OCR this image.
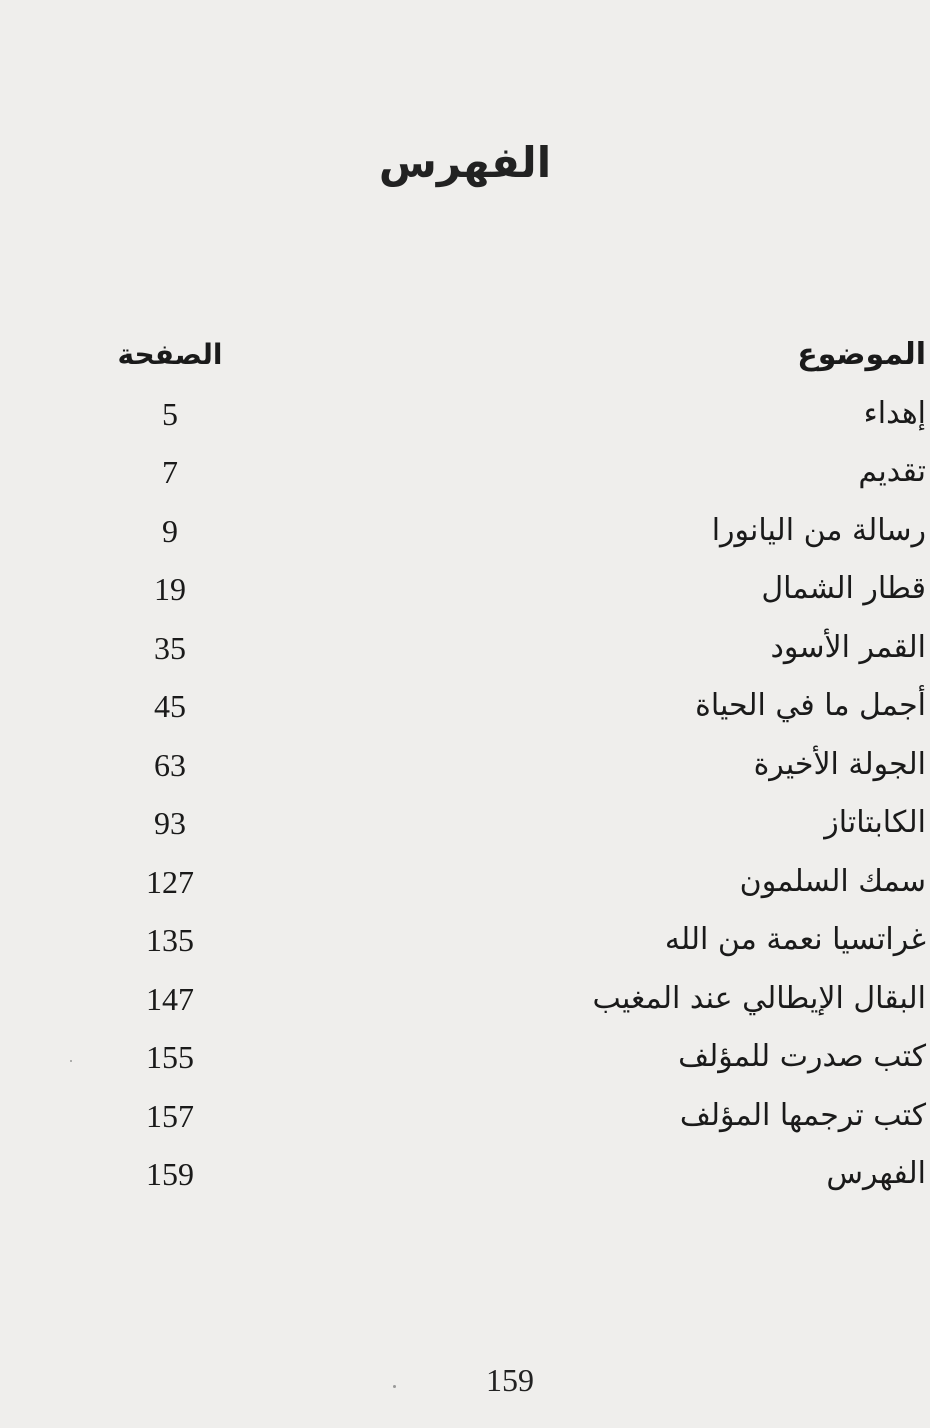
الفهرس
الموضوع
الصفحة
إهداء
5
تقديم
7
رسالة من اليانورا
9
قطار الشمال
19
القمر الأسود
35
أجمل ما في الحياة
45
الجولة الأخيرة
63
الكابتاتاز
93
سمك السلمون
127
غراتسيا نعمة من الله
135
البقال الإيطالي عند المغيب
147
كتب صدرت للمؤلف
155
كتب ترجمها المؤلف
157
الفهرس
159
159
